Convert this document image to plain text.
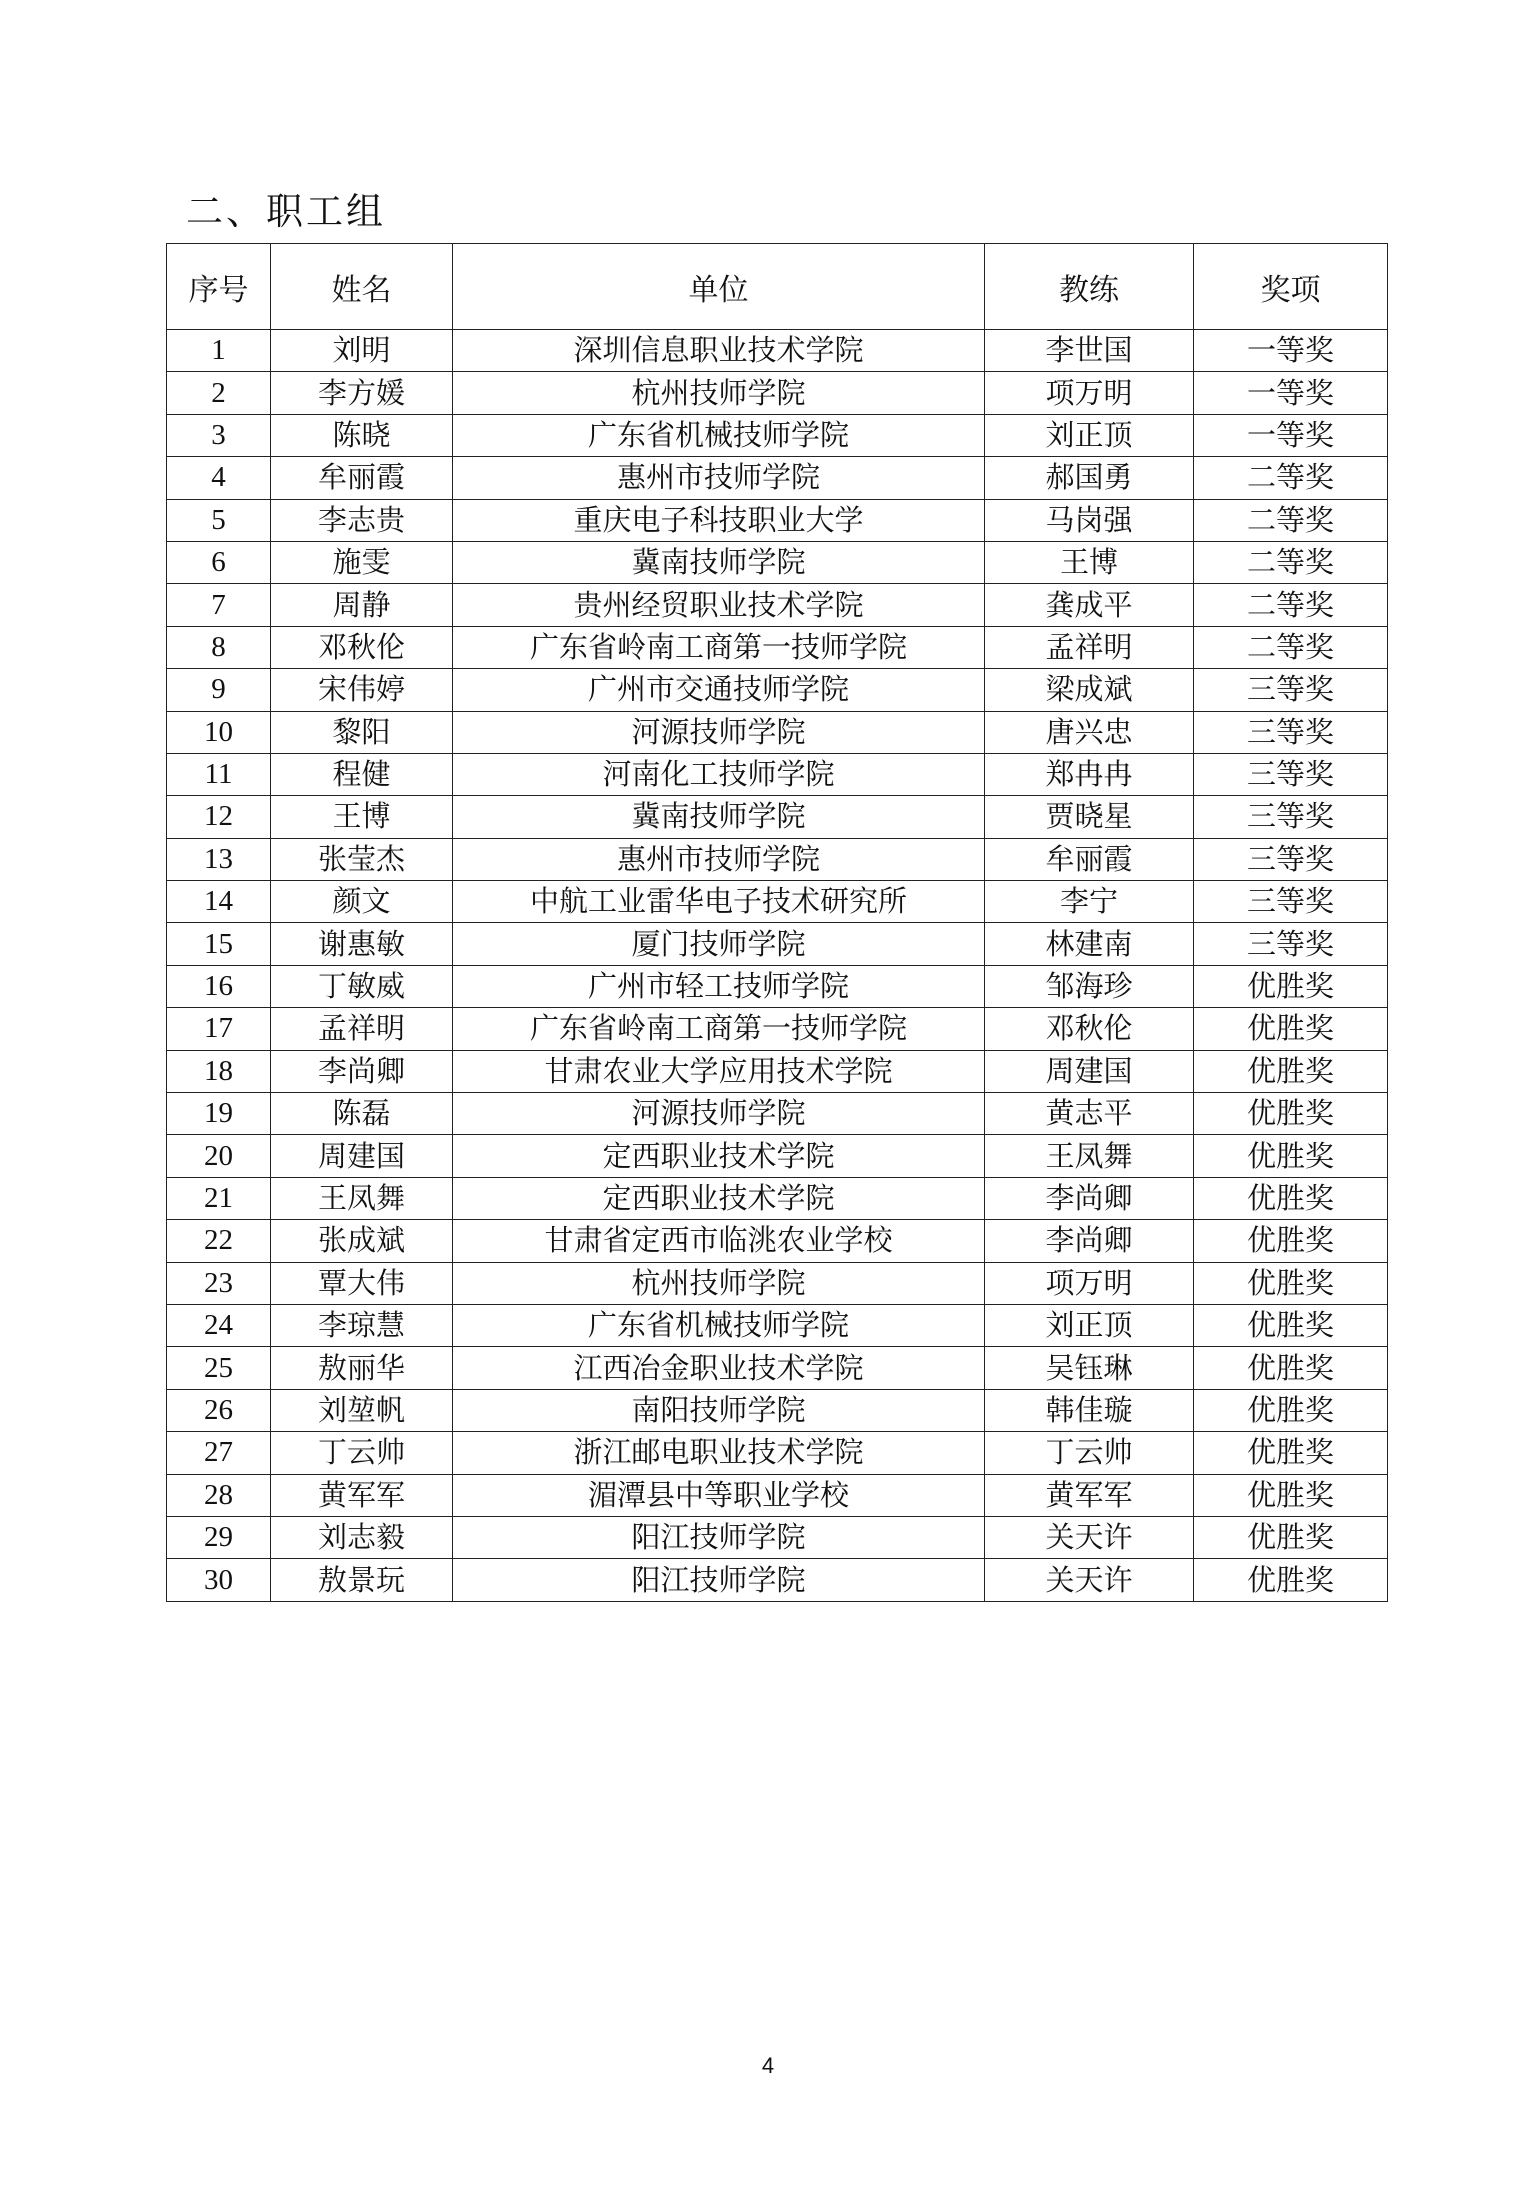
二、职工组
序号	姓名	单位	教练	奖项
1	刘明	深圳信息职业技术学院	李世国	一等奖
2	李方媛	杭州技师学院	项万明	一等奖
3	陈晓	广东省机械技师学院	刘正顶	一等奖
4	牟丽霞	惠州市技师学院	郝国勇	二等奖
5	李志贵	重庆电子科技职业大学	马岗强	二等奖
6	施雯	冀南技师学院	王博	二等奖
7	周静	贵州经贸职业技术学院	龚成平	二等奖
8	邓秋伦	广东省岭南工商第一技师学院	孟祥明	二等奖
9	宋伟婷	广州市交通技师学院	梁成斌	三等奖
10	黎阳	河源技师学院	唐兴忠	三等奖
11	程健	河南化工技师学院	郑冉冉	三等奖
12	王博	冀南技师学院	贾晓星	三等奖
13	张莹杰	惠州市技师学院	牟丽霞	三等奖
14	颜文	中航工业雷华电子技术研究所	李宁	三等奖
15	谢惠敏	厦门技师学院	林建南	三等奖
16	丁敏威	广州市轻工技师学院	邹海珍	优胜奖
17	孟祥明	广东省岭南工商第一技师学院	邓秋伦	优胜奖
18	李尚卿	甘肃农业大学应用技术学院	周建国	优胜奖
19	陈磊	河源技师学院	黄志平	优胜奖
20	周建国	定西职业技术学院	王凤舞	优胜奖
21	王凤舞	定西职业技术学院	李尚卿	优胜奖
22	张成斌	甘肃省定西市临洮农业学校	李尚卿	优胜奖
23	覃大伟	杭州技师学院	项万明	优胜奖
24	李琼慧	广东省机械技师学院	刘正顶	优胜奖
25	敖丽华	江西冶金职业技术学院	吴钰琳	优胜奖
26	刘堃帆	南阳技师学院	韩佳璇	优胜奖
27	丁云帅	浙江邮电职业技术学院	丁云帅	优胜奖
28	黄军军	湄潭县中等职业学校	黄军军	优胜奖
29	刘志毅	阳江技师学院	关天许	优胜奖
30	敖景玩	阳江技师学院	关天许	优胜奖
4
